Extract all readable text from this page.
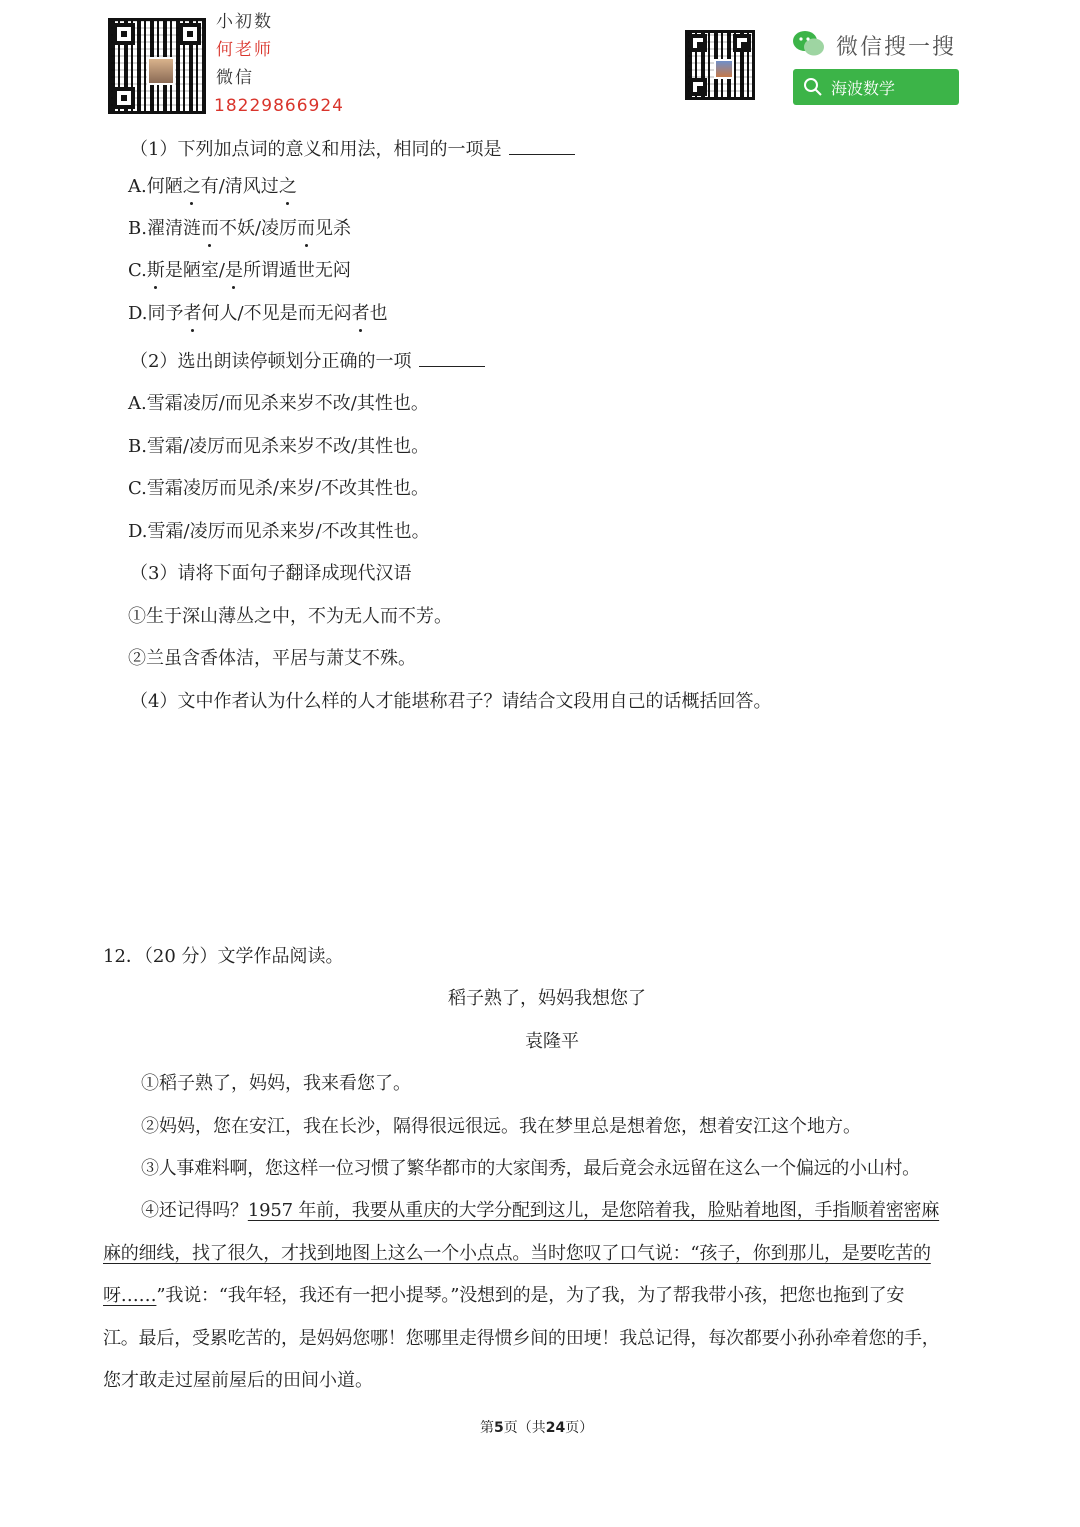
小初数
何老师
微信
18229866924
微信搜一搜
海波数学
（1）下列加点词的意义和用法，相同的一项是
A.何陋之有/清风过之
B.濯清涟而不妖/凌厉而见杀
C.斯是陋室/是所谓遁世无闷
D.同予者何人/不见是而无闷者也
（2）选出朗读停顿划分正确的一项
A.雪霜凌厉/而见杀来岁不改/其性也。
B.雪霜/凌厉而见杀来岁不改/其性也。
C.雪霜凌厉而见杀/来岁/不改其性也。
D.雪霜/凌厉而见杀来岁/不改其性也。
（3）请将下面句子翻译成现代汉语
①生于深山薄丛之中，不为无人而不芳。
②兰虽含香体洁，平居与萧艾不殊。
（4）文中作者认为什么样的人才能堪称君子？请结合文段用自己的话概括回答。
12．（20 分）文学作品阅读。
稻子熟了，妈妈我想您了
袁隆平
①稻子熟了，妈妈，我来看您了。
②妈妈，您在安江，我在长沙，隔得很远很远。我在梦里总是想着您，想着安江这个地方。
③人事难料啊，您这样一位习惯了繁华都市的大家闺秀，最后竟会永远留在这么一个偏远的小山村。
④还记得吗？1957 年前，我要从重庆的大学分配到这儿，是您陪着我，脸贴着地图，手指顺着密密麻
麻的细线，找了很久，才找到地图上这么一个小点点。当时您叹了口气说：“孩子，你到那儿，是要吃苦的
呀……”我说：“我年轻，我还有一把小提琴。”没想到的是，为了我，为了帮我带小孩，把您也拖到了安
江。最后，受累吃苦的，是妈妈您哪！您哪里走得惯乡间的田埂！我总记得，每次都要小孙孙牵着您的手，
您才敢走过屋前屋后的田间小道。
第5页（共24页）
